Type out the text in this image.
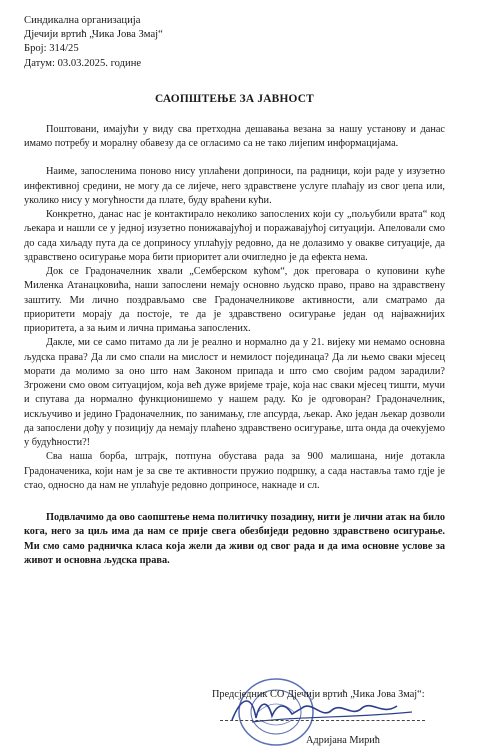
Синдикална организација

Дјечији вртић „Чика Јова Змај“

Број: 314/25

Датум: 03.03.2025. године

САОПШТЕЊЕ ЗА ЈАВНОСТ

Поштовани, имајући у виду сва претходна дешавања везана за нашу установу и данас имамо потребу и моралну обавезу да се огласимо са не тако лијепим информацијама.

Наиме, запосленима поново нису уплаћени доприноси, па радници, који раде у изузетно инфективној средини, не могу да се лијече, него здравствене услуге плаћају из свог џепа или, уколико нису у могућности да плате, буду враћени кући.

Конкретно, данас нас је контактирало неколико запослених који су „пољубили врата“ код љекара и нашли се у једној изузетно понижавајућој и поражавајућој ситуацији. Апеловали смо до сада хиљаду пута да се доприносу уплаћују редовно, да не долазимо у овакве ситуације, да здравствено осигурање мора бити приоритет али очигледно је да ефекта нема.

Док се Градоначелник хвали „Семберском кућом“, док преговара о куповини куће Миленка Атанацковића, наши запослени немају основно људско право, право на здравствену заштиту. Ми лично поздрављамо све Градоначелникове активности, али сматрамо да приоритети морају да постоје, те да је здравствено осигурање један од најважнијих приоритета, а за њим и лична примања запослених.

Дакле, ми се само питамо да ли је реално и нормално да у 21. вијеку ми немамо основна људска права? Да ли смо спали на мислост и немилост појединаца? Да ли њемо сваки мјесец морати да молимо за оно што нам Законом припада и што смо својим радом зарадили? Згрожени смо овом ситуацијом, која већ дуже вријеме траје, која нас сваки мјесец тишти, мучи и спутава да нормално функционишемо у нашем раду. Ко је одговоран? Градоначелник, искључиво и једино Градоначелник, по занимању, гле апсурда, љекар. Ако један љекар дозволи да запослени дођу у позицију да немају плаћено здравствено осигурање, шта онда да очекујемо у будућности?!

Сва наша борба, штрајк, потпуна обустава рада за 900 малишана, није дотакла Градоначеника, који нам је за све те активности пружио подршку, а сада наставља тамо гдје је стао, односно да нам не уплаћује редовно доприносе, накнаде и сл.

Подвлачимо да ово саопштење нема политичку позадину, нити је лични атак на било кога, него за циљ има да нам се прије свега обезбиједи редовно здравствено осигурање. Ми смо само радничка класа која жели да живи од свог рада и да има основне услове за живот и основна људска права.

Предсједник СО Дјечији вртић „Чика Јова Змај“:
Адријана Мирић
